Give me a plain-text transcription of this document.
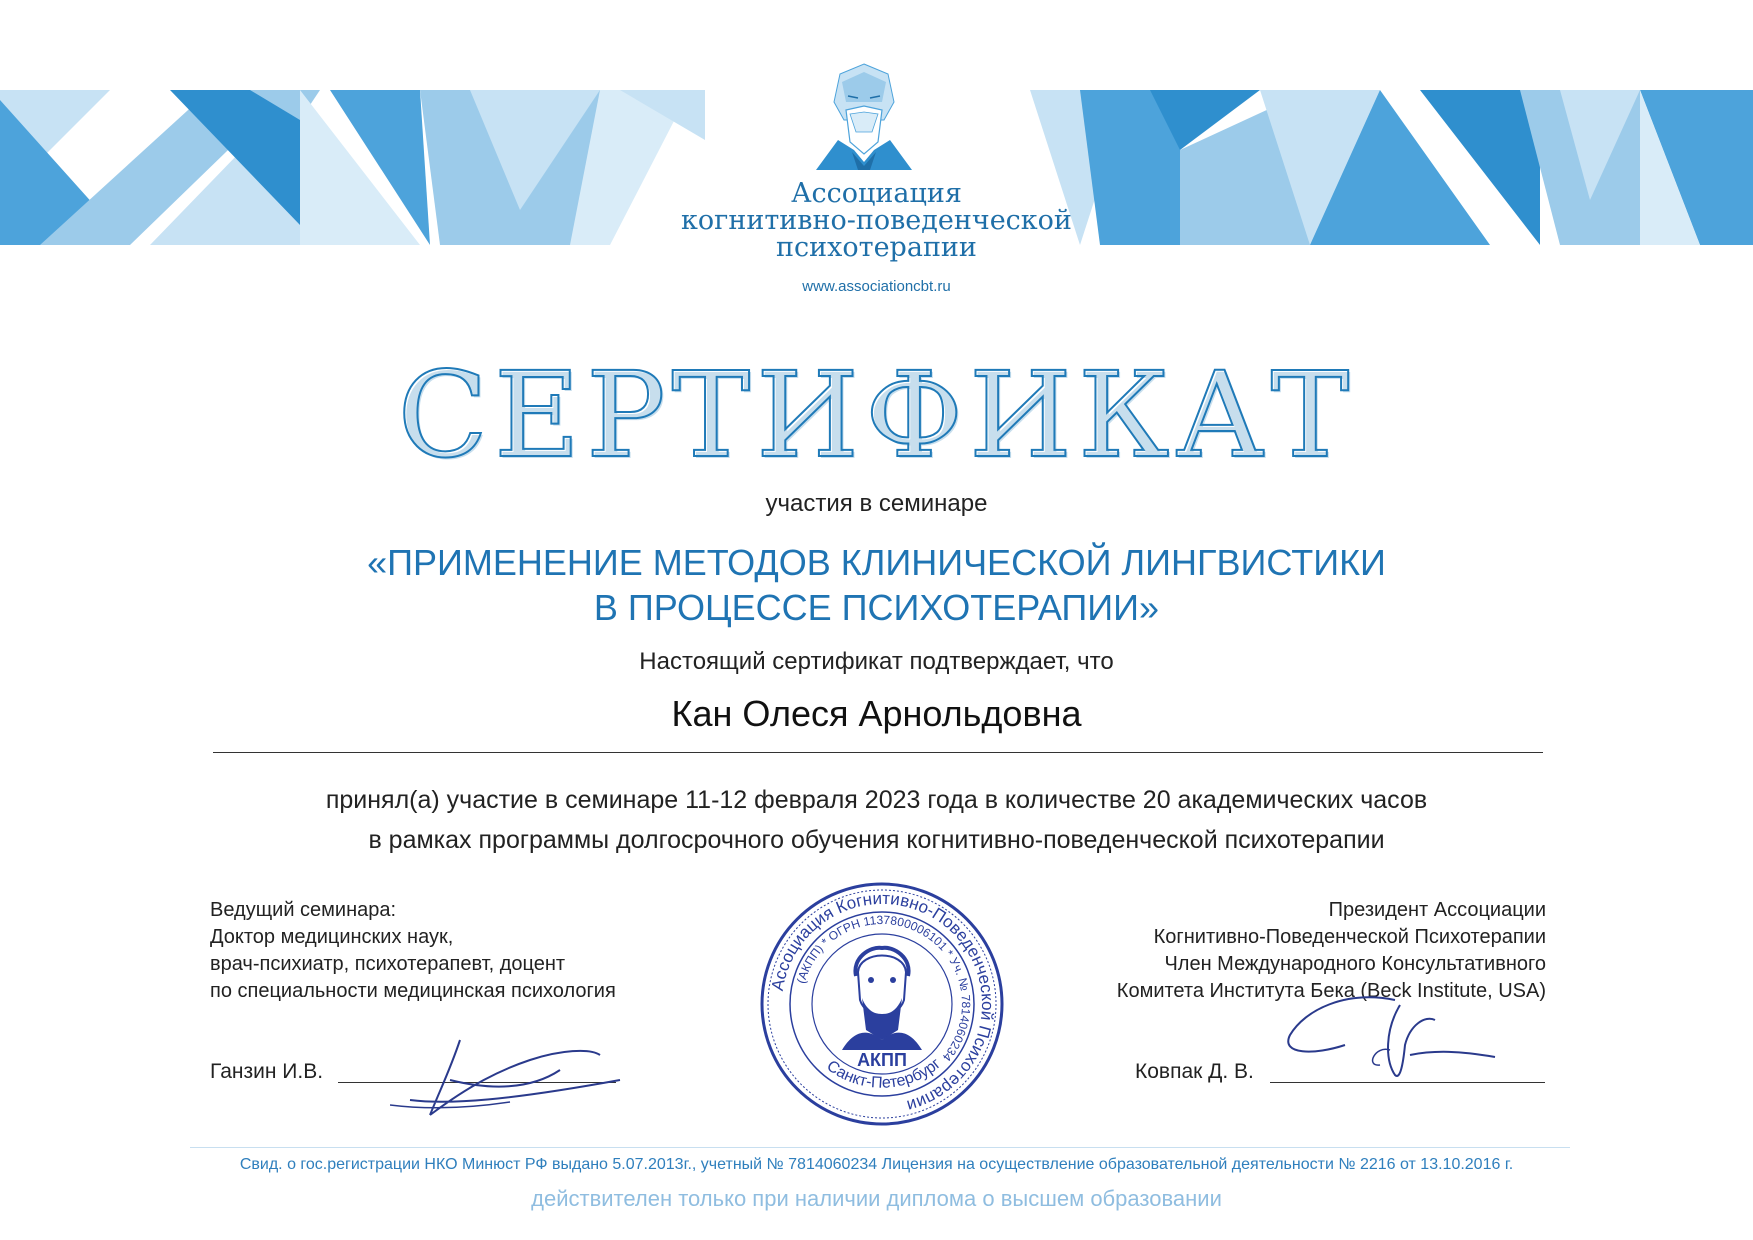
Ассоциация
когнитивно-поведенческой
психотерапии
www.associationcbt.ru
СЕРТИФИКАТ
участия в семинаре
«ПРИМЕНЕНИЕ МЕТОДОВ КЛИНИЧЕСКОЙ ЛИНГВИСТИКИ
В ПРОЦЕССЕ ПСИХОТЕРАПИИ»
Настоящий сертификат подтверждает, что
Кан Олеся Арнольдовна
принял(а) участие в семинаре 11-12 февраля 2023 года в количестве 20 академических часов
в рамках программы долгосрочного обучения когнитивно-поведенческой психотерапии
Ведущий семинара:
Доктор медицинских наук,
врач-психиатр, психотерапевт, доцент
по специальности медицинская психология
Президент Ассоциации
Когнитивно-Поведенческой Психотерапии
Член Международного Консультативного
Комитета Института Бека (Beck Institute, USA)
Ганзин И.В.	Ковпак Д. В.
Ассоциация Когнитивно-Поведенческой Психотерапии
(АКПП) * ОГРН 1137800006101 * Уч. № 7814060234
АКПП
Санкт-Петербург
Свид. о гос.регистрации НКО Минюст РФ выдано 5.07.2013г., учетный № 7814060234 Лицензия на осуществление образовательной деятельности № 2216 от 13.10.2016 г.
действителен только при наличии диплома о высшем образовании
